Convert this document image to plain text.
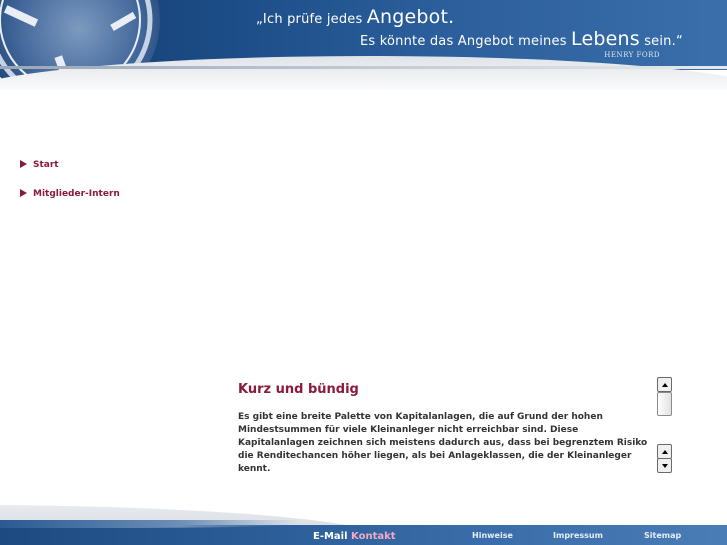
„Ich prüfe jedes Angebot.
Es könnte das Angebot meines Lebens sein.“
HENRY FORD
Start
Mitglieder-Intern
Kurz und bündig

Es gibt eine breite Palette von Kapitalanlagen, die auf Grund der hohen Mindestsummen für viele Kleinanleger nicht erreichbar sind. Diese Kapitalanlagen zeichnen sich meistens dadurch aus, dass bei begrenztem Risiko die Renditechancen höher liegen, als bei Anlageklassen, die der Kleinanleger kennt.

E-Mail Kontakt	Hinweise	Impressum	Sitemap
